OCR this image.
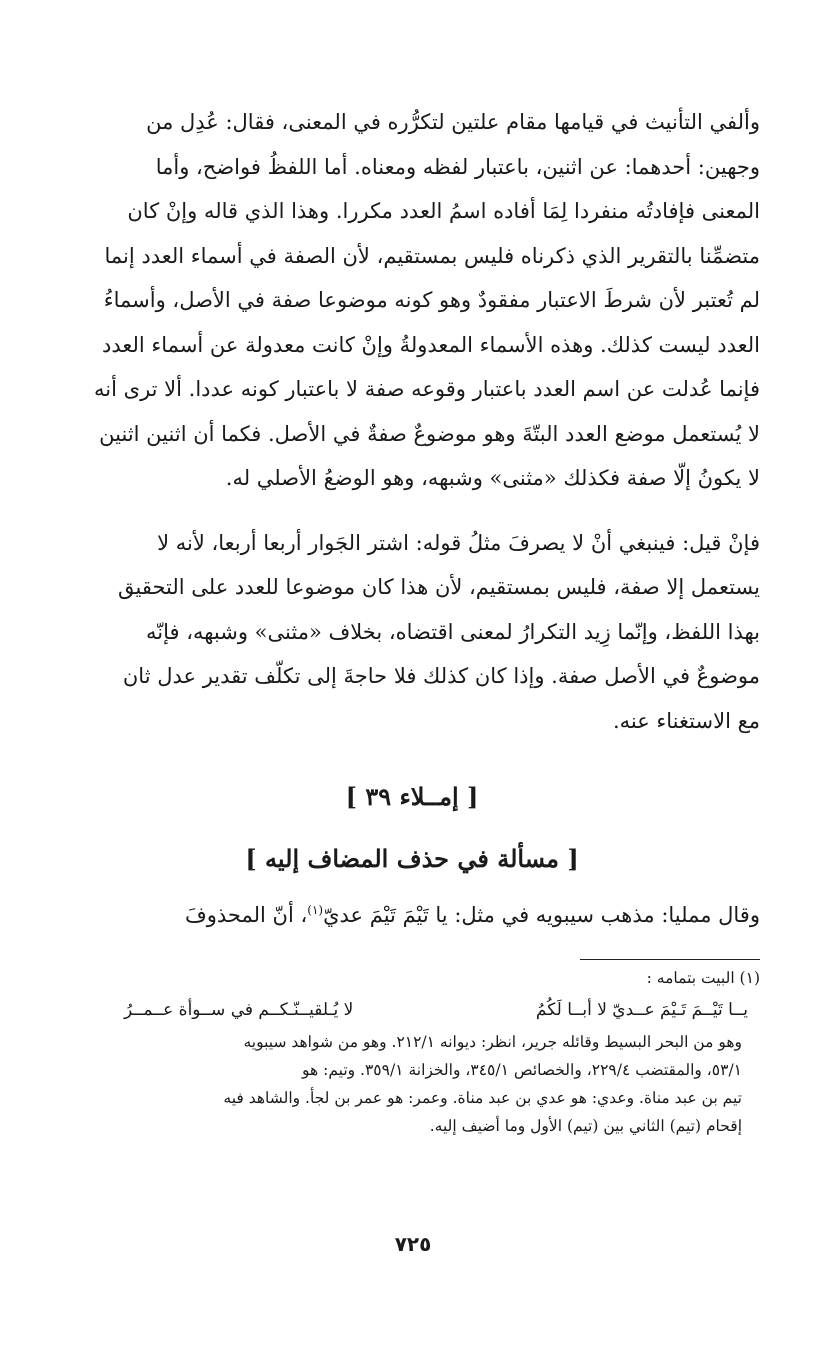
وألفي التأنيث في قيامها مقام علتين لتكرُّره في المعنى، فقال: عُدِل من

وجهين: أحدهما: عن اثنين، باعتبار لفظه ومعناه. أما اللفظُ فواضح، وأما

المعنى فإفادتُه منفردا لِمَا أفاده اسمُ العدد مكررا. وهذا الذي قاله وإنْ كان

متضمِّنا بالتقرير الذي ذكرناه فليس بمستقيم، لأن الصفة في أسماء العدد إنما

لم تُعتبر لأن شرطَ الاعتبار مفقودٌ وهو كونه موضوعا صفة في الأصل، وأسماءُ

العدد ليست كذلك. وهذه الأسماء المعدولةُ وإنْ كانت معدولة عن أسماء العدد

فإنما عُدلت عن اسم العدد باعتبار وقوعه صفة لا باعتبار كونه عددا. ألا ترى أنه

لا يُستعمل موضع العدد البتّةَ وهو موضوعٌ صفةٌ في الأصل. فكما أن اثنين اثنين

لا يكونُ إلّا صفة فكذلك «مثنى» وشبهه، وهو الوضعُ الأصلي له.

فإنْ قيل: فينبغي أنْ لا يصرفَ مثلُ قوله: اشتر الجَوار أربعا أربعا، لأنه لا

يستعمل إلا صفة، فليس بمستقيم، لأن هذا كان موضوعا للعدد على التحقيق

بهذا اللفظ، وإنّما زِيد التكرارُ لمعنى اقتضاه، بخلاف «مثنى» وشبهه، فإنّه

موضوعٌ في الأصل صفة. وإذا كان كذلك فلا حاجةَ إلى تكلّف تقدير عدل ثان

مع الاستغناء عنه.

[ إمــلاء ٣٩ ]
[ مسألة في حذف المضاف إليه ]
وقال ممليا: مذهب سيبويه في مثل: يا تَيْمَ تَيْمَ عديّ$^{(١)}$، أنّ المحذوفَ

(١) البيت بتمامه :

يــا تَيْــمَ تَـيْمَ عــديّ لا أبــا لَكُمُ
لا يُـلقيــنّـكــم في ســوأة عــمــرُ

وهو من البحر البسيط وقائله جرير، انظر: ديوانه ٢١٢/١. وهو من شواهد سيبويه

٥٣/١، والمقتضب ٢٢٩/٤، والخصائص ٣٤٥/١، والخزانة ٣٥٩/١. وتيم: هو

تيم بن عبد مناة. وعدي: هو عدي بن عبد مناة. وعمر: هو عمر بن لجأ. والشاهد فيه

إقحام (تيم) الثاني بين (تيم) الأول وما أضيف إليه.

٧٢٥
